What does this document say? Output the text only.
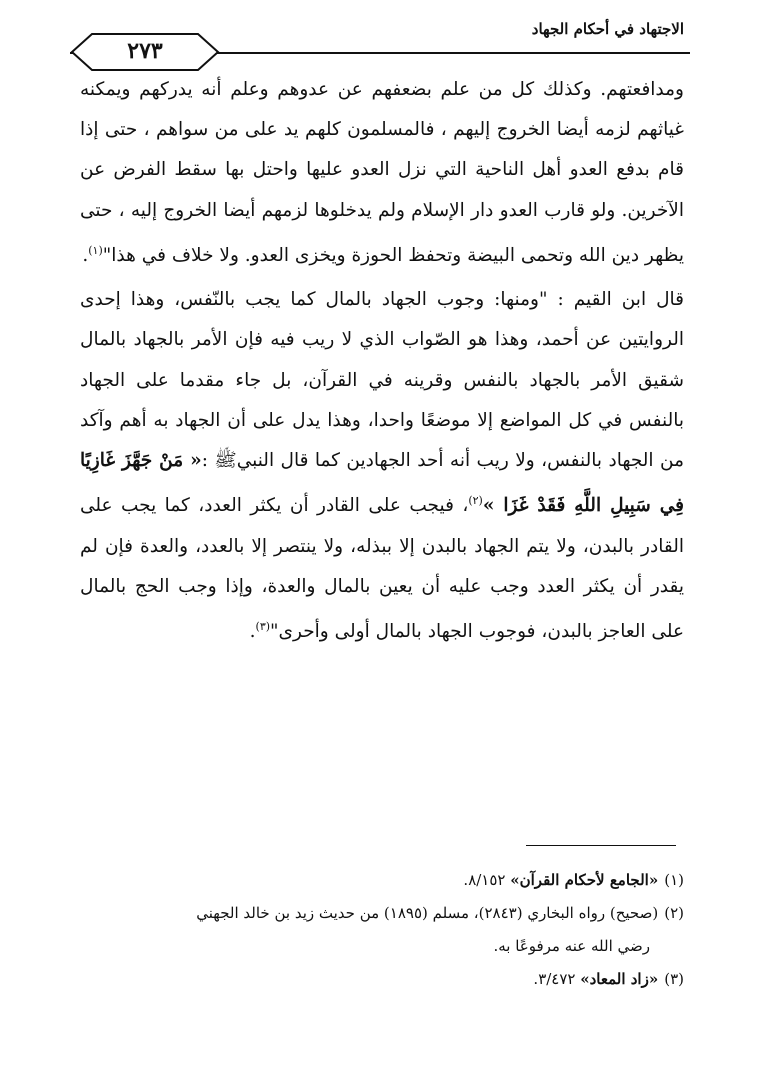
الاجتهاد في أحكام الجهاد
٢٧٣

ومدافعتهم. وكذلك كل من علم بضعفهم عن عدوهم وعلم أنه يدركهم ويمكنه غياثهم لزمه أيضا الخروج إليهم ، فالمسلمون كلهم يد على من سواهم ، حتى إذا قام بدفع العدو أهل الناحية التي نزل العدو عليها واحتل بها سقط الفرض عن الآخرين. ولو قارب العدو دار الإسلام ولم يدخلوها لزمهم أيضا الخروج إليه ، حتى يظهر دين الله وتحمى البيضة وتحفظ الحوزة ويخزى العدو. ولا خلاف في هذا"$^{(١)}$.

قال ابن القيم : "ومنها: وجوب الجهاد بالمال كما يجب بالنّفس، وهذا إحدى الروايتين عن أحمد، وهذا هو الصّواب الذي لا ريب فيه فإن الأمر بالجهاد بالمال شقيق الأمر بالجهاد بالنفس وقرينه في القرآن، بل جاء مقدما على الجهاد بالنفس في كل المواضع إلا موضعًا واحدا، وهذا يدل على أن الجهاد به أهم وآكد من الجهاد بالنفس، ولا ريب أنه أحد الجهادين كما قال النبيﷺ :« مَنْ جَهَّزَ غَازِيًا فِي سَبِيلِ اللَّهِ فَقَدْ غَزَا »$^{(٢)}$، فيجب على القادر أن يكثر العدد، كما يجب على القادر بالبدن، ولا يتم الجهاد بالبدن إلا ببذله، ولا ينتصر إلا بالعدد، والعدة فإن لم يقدر أن يكثر العدد وجب عليه أن يعين بالمال والعدة، وإذا وجب الحج بالمال على العاجز بالبدن، فوجوب الجهاد بالمال أولى وأحرى"$^{(٣)}$.

(١)«الجامع لأحكام القرآن» ٨/١٥٢.

(٢)(صحيح) رواه البخاري (٢٨٤٣)، مسلم (١٨٩٥) من حديث زيد بن خالد الجهني

رضي الله عنه مرفوعًا به.

(٣)«زاد المعاد» ٣/٤٧٢.
